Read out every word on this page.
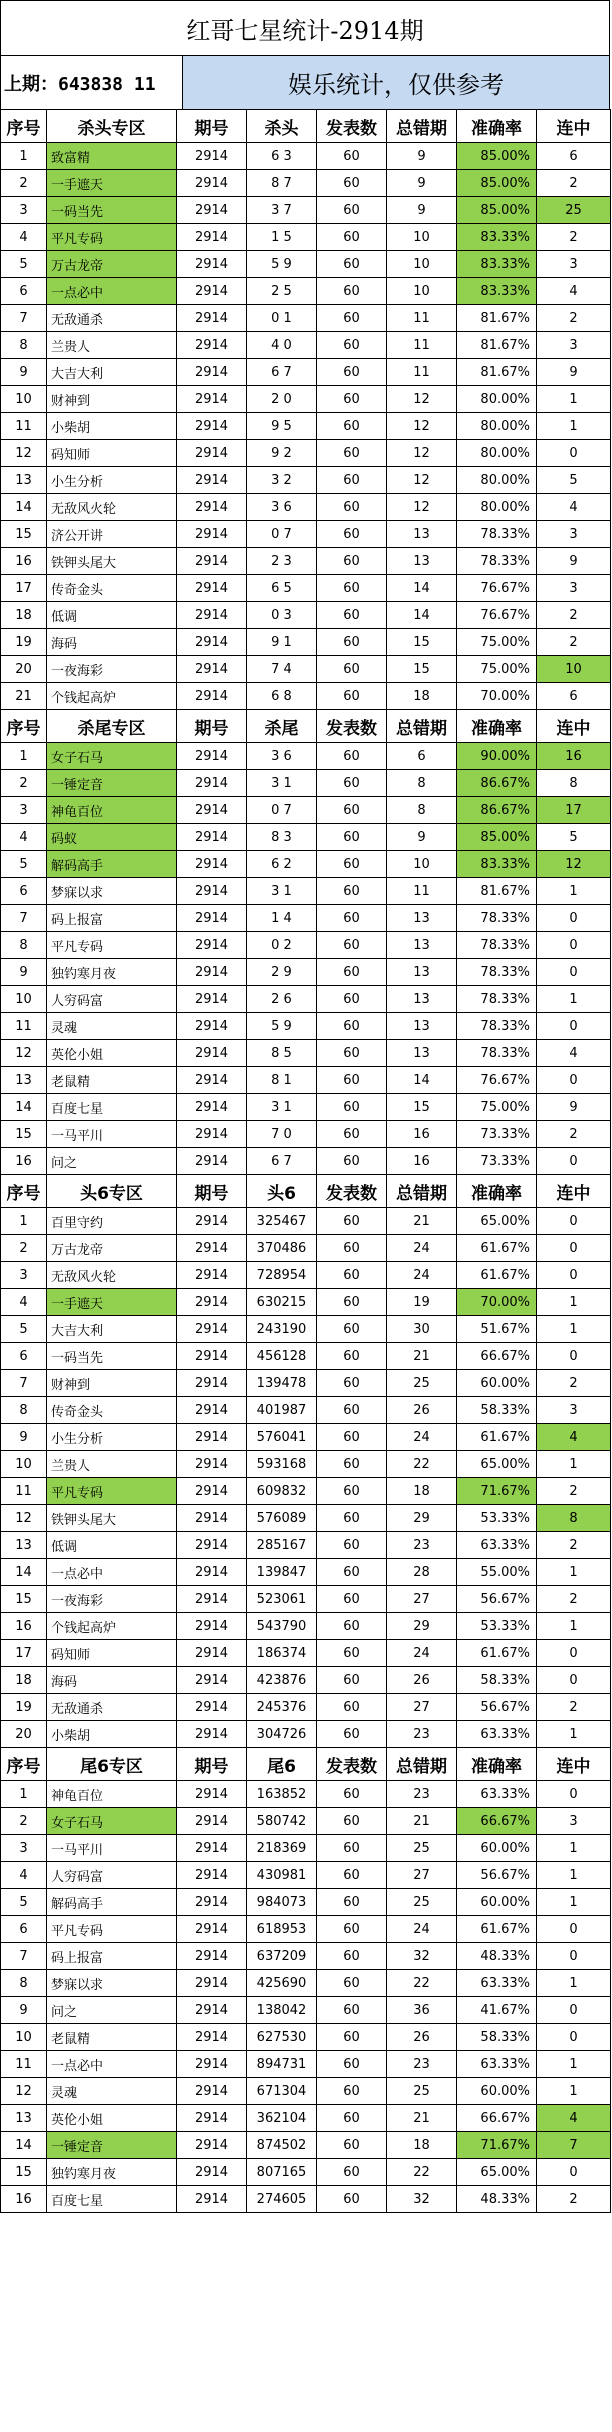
红哥七星统计-2914期
上期：643838 11	娱乐统计，仅供参考
序号	杀头专区	期号	杀头	发表数	总错期	准确率	连中
1	致富精	2914	6 3	60	9	85.00%	6
2	一手遮天	2914	8 7	60	9	85.00%	2
3	一码当先	2914	3 7	60	9	85.00%	25
4	平凡专码	2914	1 5	60	10	83.33%	2
5	万古龙帝	2914	5 9	60	10	83.33%	3
6	一点必中	2914	2 5	60	10	83.33%	4
7	无敌通杀	2914	0 1	60	11	81.67%	2
8	兰贵人	2914	4 0	60	11	81.67%	3
9	大吉大利	2914	6 7	60	11	81.67%	9
10	财神到	2914	2 0	60	12	80.00%	1
11	小柴胡	2914	9 5	60	12	80.00%	1
12	码知师	2914	9 2	60	12	80.00%	0
13	小生分析	2914	3 2	60	12	80.00%	5
14	无敌风火轮	2914	3 6	60	12	80.00%	4
15	济公开讲	2914	0 7	60	13	78.33%	3
16	铁钾头尾大	2914	2 3	60	13	78.33%	9
17	传奇金头	2914	6 5	60	14	76.67%	3
18	低调	2914	0 3	60	14	76.67%	2
19	海码	2914	9 1	60	15	75.00%	2
20	一夜海彩	2914	7 4	60	15	75.00%	10
21	个钱起高炉	2914	6 8	60	18	70.00%	6
序号	杀尾专区	期号	杀尾	发表数	总错期	准确率	连中
1	女子石马	2914	3 6	60	6	90.00%	16
2	一锤定音	2914	3 1	60	8	86.67%	8
3	神龟百位	2914	0 7	60	8	86.67%	17
4	码蚁	2914	8 3	60	9	85.00%	5
5	解码高手	2914	6 2	60	10	83.33%	12
6	梦寐以求	2914	3 1	60	11	81.67%	1
7	码上报富	2914	1 4	60	13	78.33%	0
8	平凡专码	2914	0 2	60	13	78.33%	0
9	独钓寒月夜	2914	2 9	60	13	78.33%	0
10	人穷码富	2914	2 6	60	13	78.33%	1
11	灵魂	2914	5 9	60	13	78.33%	0
12	英伦小姐	2914	8 5	60	13	78.33%	4
13	老鼠精	2914	8 1	60	14	76.67%	0
14	百度七星	2914	3 1	60	15	75.00%	9
15	一马平川	2914	7 0	60	16	73.33%	2
16	问之	2914	6 7	60	16	73.33%	0
序号	头6专区	期号	头6	发表数	总错期	准确率	连中
1	百里守约	2914	325467	60	21	65.00%	0
2	万古龙帝	2914	370486	60	24	61.67%	0
3	无敌风火轮	2914	728954	60	24	61.67%	0
4	一手遮天	2914	630215	60	19	70.00%	1
5	大吉大利	2914	243190	60	30	51.67%	1
6	一码当先	2914	456128	60	21	66.67%	0
7	财神到	2914	139478	60	25	60.00%	2
8	传奇金头	2914	401987	60	26	58.33%	3
9	小生分析	2914	576041	60	24	61.67%	4
10	兰贵人	2914	593168	60	22	65.00%	1
11	平凡专码	2914	609832	60	18	71.67%	2
12	铁钾头尾大	2914	576089	60	29	53.33%	8
13	低调	2914	285167	60	23	63.33%	2
14	一点必中	2914	139847	60	28	55.00%	1
15	一夜海彩	2914	523061	60	27	56.67%	2
16	个钱起高炉	2914	543790	60	29	53.33%	1
17	码知师	2914	186374	60	24	61.67%	0
18	海码	2914	423876	60	26	58.33%	0
19	无敌通杀	2914	245376	60	27	56.67%	2
20	小柴胡	2914	304726	60	23	63.33%	1
序号	尾6专区	期号	尾6	发表数	总错期	准确率	连中
1	神龟百位	2914	163852	60	23	63.33%	0
2	女子石马	2914	580742	60	21	66.67%	3
3	一马平川	2914	218369	60	25	60.00%	1
4	人穷码富	2914	430981	60	27	56.67%	1
5	解码高手	2914	984073	60	25	60.00%	1
6	平凡专码	2914	618953	60	24	61.67%	0
7	码上报富	2914	637209	60	32	48.33%	0
8	梦寐以求	2914	425690	60	22	63.33%	1
9	问之	2914	138042	60	36	41.67%	0
10	老鼠精	2914	627530	60	26	58.33%	0
11	一点必中	2914	894731	60	23	63.33%	1
12	灵魂	2914	671304	60	25	60.00%	1
13	英伦小姐	2914	362104	60	21	66.67%	4
14	一锤定音	2914	874502	60	18	71.67%	7
15	独钓寒月夜	2914	807165	60	22	65.00%	0
16	百度七星	2914	274605	60	32	48.33%	2
